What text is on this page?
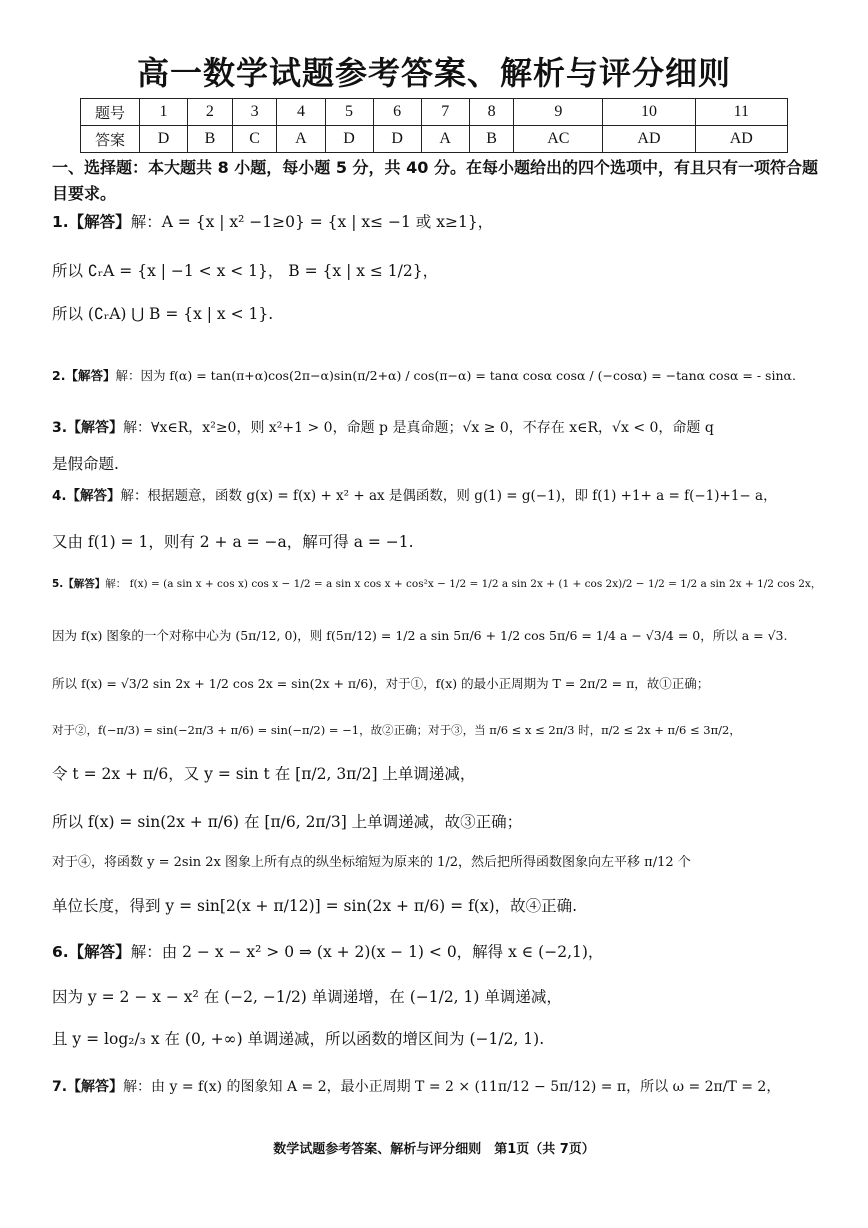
高一数学试题参考答案、解析与评分细则
题号	1	2	3	4	5	6	7	8	9	10	11
答案	D	B	C	A	D	D	A	B	AC	AD	AD
一、选择题：本大题共 8 小题，每小题 5 分，共 40 分。在每小题给出的四个选项中，有且只有一项符合题目要求。
1.【解答】解：A = {x | x² −1≥0} = {x | x≤ −1 或 x≥1}，
所以 ∁ᵣA = {x | −1 < x < 1}， B = {x | x ≤ 1/2}，
所以 (∁ᵣA) ⋃ B = {x | x < 1}.
2.【解答】解：因为 f(α) = tan(π+α)cos(2π−α)sin(π/2+α) / cos(π−α) = tanα cosα cosα / (−cosα) = −tanα cosα = - sinα.
3.【解答】解：∀x∈R，x²≥0，则 x²+1 > 0，命题 p 是真命题；√x ≥ 0，不存在 x∈R，√x < 0，命题 q
是假命题.
4.【解答】解：根据题意，函数 g(x) = f(x) + x² + ax 是偶函数，则 g(1) = g(−1)，即 f(1) +1+ a = f(−1)+1− a，
又由 f(1) = 1，则有 2 + a = −a，解可得 a = −1.
5.【解答】解： f(x) = (a sin x + cos x) cos x − 1/2 = a sin x cos x + cos²x − 1/2 = 1/2 a sin 2x + (1 + cos 2x)/2 − 1/2 = 1/2 a sin 2x + 1/2 cos 2x，
因为 f(x) 图象的一个对称中心为 (5π/12, 0)，则 f(5π/12) = 1/2 a sin 5π/6 + 1/2 cos 5π/6 = 1/4 a − √3/4 = 0，所以 a = √3.
所以 f(x) = √3/2 sin 2x + 1/2 cos 2x = sin(2x + π/6)，对于①，f(x) 的最小正周期为 T = 2π/2 = π，故①正确；
对于②，f(−π/3) = sin(−2π/3 + π/6) = sin(−π/2) = −1，故②正确；对于③，当 π/6 ≤ x ≤ 2π/3 时，π/2 ≤ 2x + π/6 ≤ 3π/2，
令 t = 2x + π/6，又 y = sin t 在 [π/2, 3π/2] 上单调递减，
所以 f(x) = sin(2x + π/6) 在 [π/6, 2π/3] 上单调递减，故③正确；
对于④，将函数 y = 2sin 2x 图象上所有点的纵坐标缩短为原来的 1/2，然后把所得函数图象向左平移 π/12 个
单位长度，得到 y = sin[2(x + π/12)] = sin(2x + π/6) = f(x)，故④正确.
6.【解答】解：由 2 − x − x² > 0 ⇒ (x + 2)(x − 1) < 0，解得 x ∈ (−2,1)，
因为 y = 2 − x − x² 在 (−2, −1/2) 单调递增，在 (−1/2, 1) 单调递减，
且 y = log₂/₃ x 在 (0, +∞) 单调递减，所以函数的增区间为 (−1/2, 1).
7.【解答】解：由 y = f(x) 的图象知 A = 2，最小正周期 T = 2 × (11π/12 − 5π/12) = π，所以 ω = 2π/T = 2，
数学试题参考答案、解析与评分细则　第1页（共 7页）
